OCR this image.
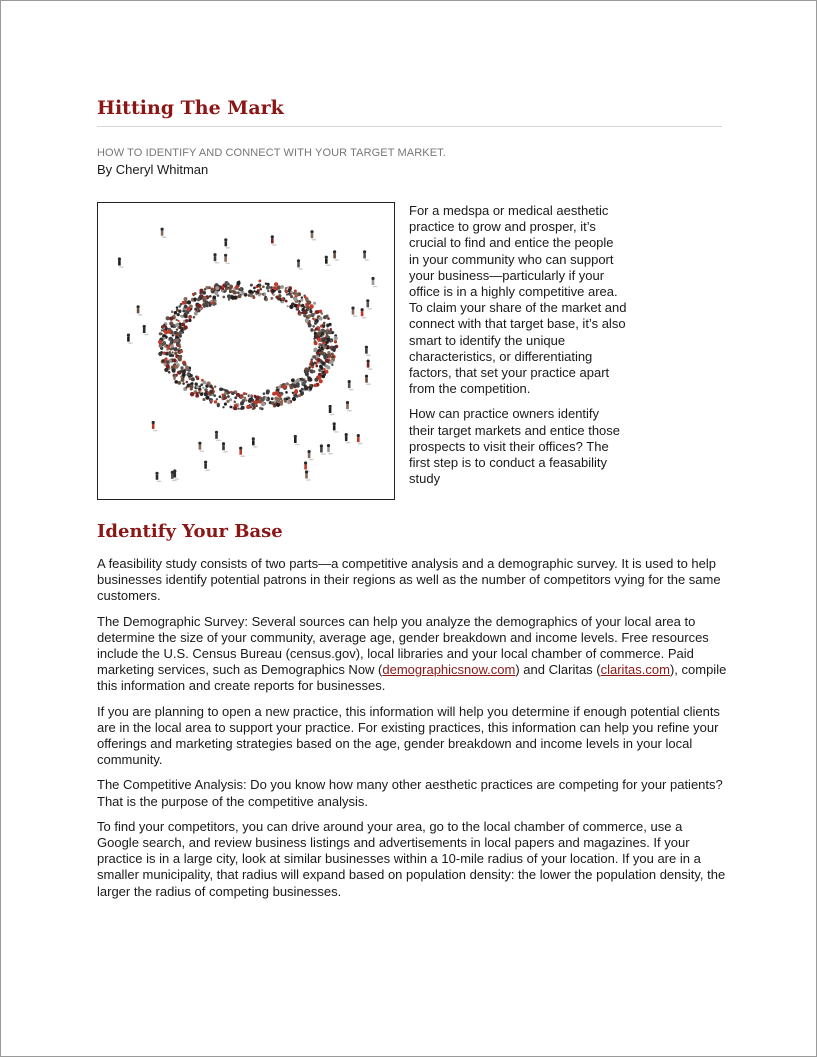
Hitting The Mark
HOW TO IDENTIFY AND CONNECT WITH YOUR TARGET MARKET.
By Cheryl Whitman

For a medspa or medical aesthetic practice to grow and prosper, it’s crucial to find and entice the people in your community who can support your business—particularly if your office is in a highly competitive area. To claim your share of the market and connect with that target base, it’s also smart to identify the unique characteristics, or differentiating factors, that set your practice apart from the competition.

How can practice owners identify their target markets and entice those prospects to visit their offices? The first step is to conduct a feasability study

Identify Your Base

A feasibility study consists of two parts—a competitive analysis and a demographic survey. It is used to help businesses identify potential patrons in their regions as well as the number of competitors vying for the same customers.

The Demographic Survey: Several sources can help you analyze the demographics of your local area to determine the size of your community, average age, gender breakdown and income levels. Free resources include the U.S. Census Bureau (census.gov), local libraries and your local chamber of commerce. Paid marketing services, such as Demographics Now (demographicsnow.com) and Claritas (claritas.com), compile this information and create reports for businesses.

If you are planning to open a new practice, this information will help you determine if enough potential clients are in the local area to support your practice. For existing practices, this information can help you refine your offerings and marketing strategies based on the age, gender breakdown and income levels in your local community.

The Competitive Analysis: Do you know how many other aesthetic practices are competing for your patients? That is the purpose of the competitive analysis.

To find your competitors, you can drive around your area, go to the local chamber of commerce, use a Google search, and review business listings and advertisements in local papers and magazines. If your practice is in a large city, look at similar businesses within a 10-mile radius of your location. If you are in a smaller municipality, that radius will expand based on population density: the lower the population density, the larger the radius of competing businesses.
